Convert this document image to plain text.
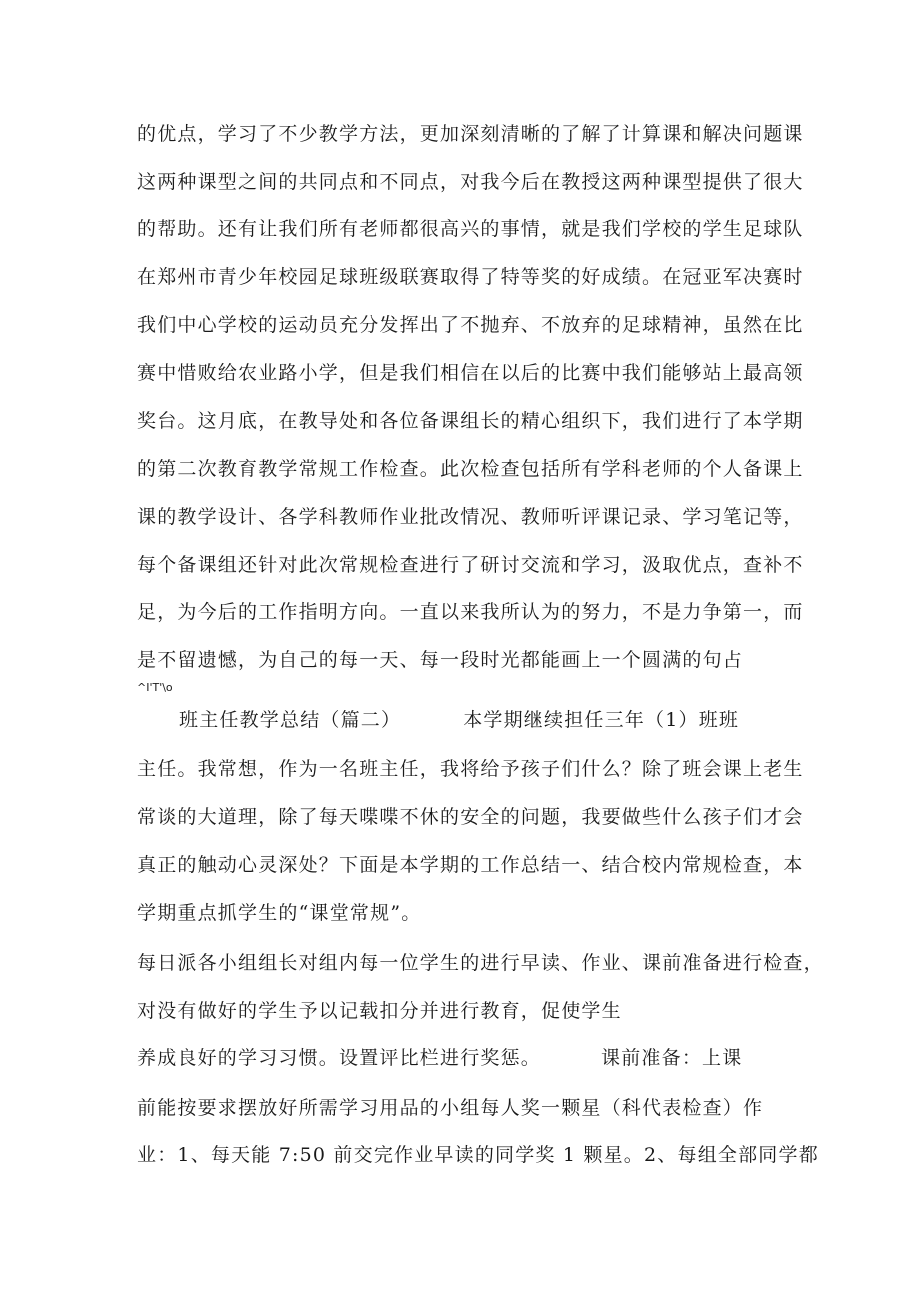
的优点，学习了不少教学方法，更加深刻清晰的了解了计算课和解决问题课
这两种课型之间的共同点和不同点，对我今后在教授这两种课型提供了很大
的帮助。还有让我们所有老师都很高兴的事情，就是我们学校的学生足球队
在郑州市青少年校园足球班级联赛取得了特等奖的好成绩。在冠亚军决赛时
我们中心学校的运动员充分发挥出了不抛弃、不放弃的足球精神，虽然在比
赛中惜败给农业路小学，但是我们相信在以后的比赛中我们能够站上最高领
奖台。这月底，在教导处和各位备课组长的精心组织下，我们进行了本学期
的第二次教育教学常规工作检查。此次检查包括所有学科老师的个人备课上
课的教学设计、各学科教师作业批改情况、教师听评课记录、学习笔记等，
每个备课组还针对此次常规检查进行了研讨交流和学习，汲取优点，查补不
足，为今后的工作指明方向。一直以来我所认为的努力，不是力争第一，而
是不留遗憾，为自己的每一天、每一段时光都能画上一个圆满的句占
^I'T'\o
班主任教学总结（篇二）	本学期继续担任三年（1）班班
主任。我常想，作为一名班主任，我将给予孩子们什么？除了班会课上老生
常谈的大道理，除了每天喋喋不休的安全的问题，我要做些什么孩子们才会
真正的触动心灵深处？下面是本学期的工作总结一、结合校内常规检查，本
学期重点抓学生的“课堂常规”。
每日派各小组组长对组内每一位学生的进行早读、作业、课前准备进行检查，
对没有做好的学生予以记载扣分并进行教育，促使学生
养成良好的学习习惯。设置评比栏进行奖惩。	课前准备：上课
前能按要求摆放好所需学习用品的小组每人奖一颗星（科代表检查）作
业：1、每天能 7:50 前交完作业早读的同学奖 1 颗星。2、每组全部同学都
